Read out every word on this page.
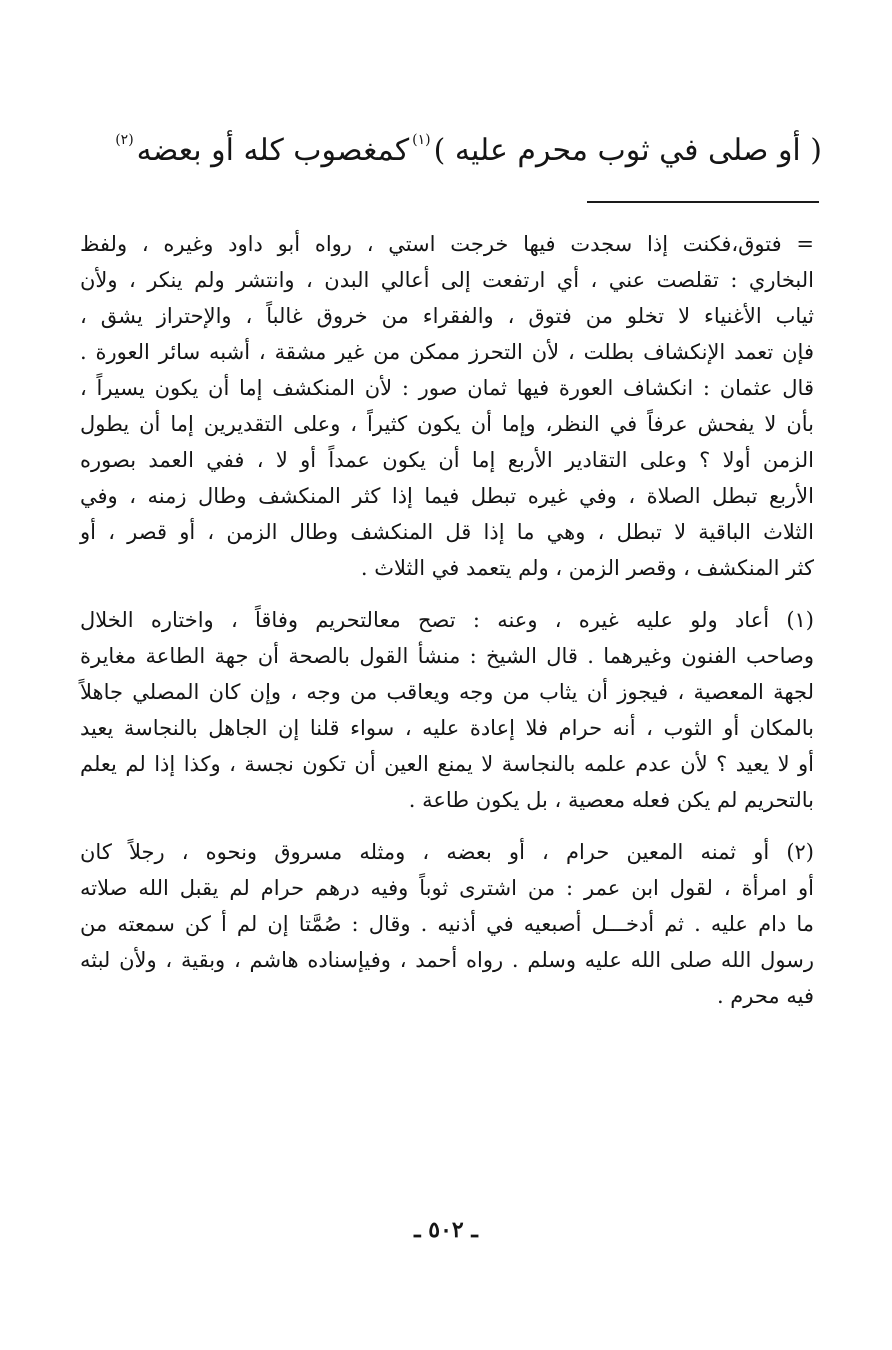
( أو صلى في ثوب محرم عليه )$^{(١)}$كمغصوب كله أو بعضه$^{(٢)}$
= فتوق،فكنت إذا سجدت فيها خرجت استي ، رواه أبو داود وغيره ، ولفظ
البخاري : تقلصت عني ، أي ارتفعت إلى أعالي البدن ، وانتشر ولم ينكر ، ولأن
ثياب الأغنياء لا تخلو من فتوق ، والفقراء من خروق غالباً ، والإحتراز يشق ،
فإن تعمد الإنكشاف بطلت ، لأن التحرز ممكن من غير مشقة ، أشبه سائر العورة .
قال عثمان : انكشاف العورة فيها ثمان صور : لأن المنكشف إما أن يكون يسيراً ،
بأن لا يفحش عرفاً في النظر، وإما أن يكون كثيراً ، وعلى التقديرين إما أن يطول
الزمن أولا ؟ وعلى التقادير الأربع إما أن يكون عمداً أو لا ، ففي العمد بصوره
الأربع تبطل الصلاة ، وفي غيره تبطل فيما إذا كثر المنكشف وطال زمنه ، وفي
الثلاث الباقية لا تبطل ، وهي ما إذا قل المنكشف وطال الزمن ، أو قصر ، أو
كثر المنكشف ، وقصر الزمن ، ولم يتعمد في الثلاث .
(١) أعاد ولو عليه غيره ، وعنه : تصح معالتحريم وفاقاً ، واختاره الخلال
وصاحب الفنون وغيرهما . قال الشيخ : منشأ القول بالصحة أن جهة الطاعة مغايرة
لجهة المعصية ، فيجوز أن يثاب من وجه ويعاقب من وجه ، وإن كان المصلي جاهلاً
بالمكان أو الثوب ، أنه حرام فلا إعادة عليه ، سواء قلنا إن الجاهل بالنجاسة يعيد
أو لا يعيد ؟ لأن عدم علمه بالنجاسة لا يمنع العين أن تكون نجسة ، وكذا إذا لم يعلم
بالتحريم لم يكن فعله معصية ، بل يكون طاعة .
(٢) أو ثمنه المعين حرام ، أو بعضه ، ومثله مسروق ونحوه ، رجلاً كان
أو امرأة ، لقول ابن عمر : من اشترى ثوباً وفيه درهم حرام لم يقبل الله صلاته
ما دام عليه . ثم أدخـــل أصبعيه في أذنيه . وقال : صُمَّتا إن لم أ كن سمعته من
رسول الله صلى الله عليه وسلم . رواه أحمد ، وفيإسناده هاشم ، وبقية ، ولأن لبثه
فيه محرم .
ـ ٥٠٢ ـ
